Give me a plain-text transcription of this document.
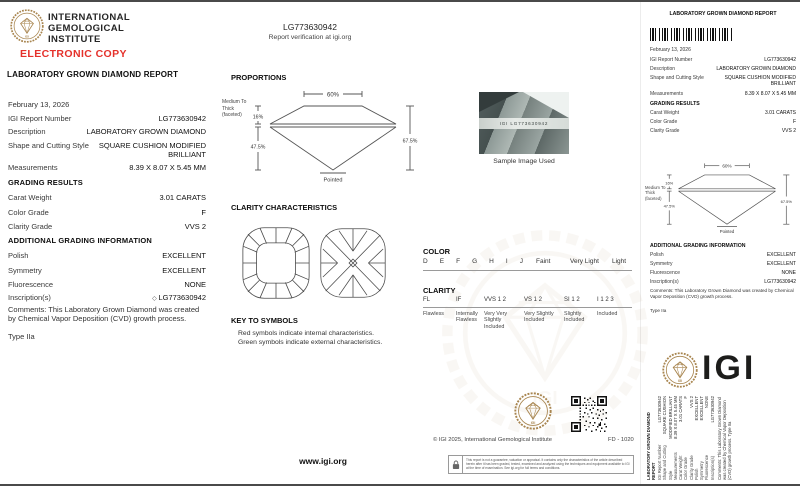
INTERNATIONAL
GEMOLOGICAL
INSTITUTE
ELECTRONIC COPY
LABORATORY GROWN DIAMOND REPORT
February 13, 2026
IGI Report Number	LG773630942
Description	LABORATORY GROWN DIAMOND
Shape and Cutting Style SQUARE CUSHION MODIFIED BRILLIANT
Measurements	8.39 X 8.07 X 5.45 MM
GRADING RESULTS
Carat Weight	3.01 CARATS
Color Grade	F
Clarity Grade	VVS 2
ADDITIONAL GRADING INFORMATION
Polish	EXCELLENT
Symmetry	EXCELLENT
Fluorescence	NONE
Inscription(s)	◇ LG773630942
Comments: This Laboratory Grown Diamond was created by Chemical Vapor Deposition (CVD) growth process.
Type IIa
LG773630942
Report verification at igi.org
PROPORTIONS
Medium To
Thick
(faceted)
CLARITY CHARACTERISTICS
KEY TO SYMBOLS
Red symbols indicate internal characteristics.
Green symbols indicate external characteristics.
www.igi.org
IGI LG773630942
Sample Image Used
COLOR
D E F G H I J Faint	Very Light Light
CLARITY
FL	IF	VVS 1 2	VS 1 2	SI 1 2	I 1 2 3
Flawless	Internally Flawless
Very Very Slightly Included
Very Slightly Included
Slightly Included
Included
© IGI 2025, International Gemological Institute	FD - 1020
This report is not a guarantee, valuation or appraisal. It contains only the characteristics of the article described herein after it has been graded, tested, examined and analyzed using the techniques and equipment available to IGI at the time of examination. See igi.org for full terms and conditions.
LABORATORY GROWN DIAMOND REPORT
February 13, 2026
IGI Report Number	LG773630942
Description	LABORATORY GROWN DIAMOND
Shape and Cutting Style	SQUARE CUSHION MODIFIED BRILLIANT
Measurements	8.39 X 8.07 X 5.45 MM
GRADING RESULTS
Carat Weight	3.01 CARATS
Color Grade	F
Clarity Grade	VVS 2
Medium To
Thick
(faceted)
ADDITIONAL GRADING INFORMATION
Polish	EXCELLENT
Symmetry	EXCELLENT
Fluorescence	NONE
Inscription(s)	LG773630942
Comments: This Laboratory Grown Diamond was created by Chemical Vapor Deposition (CVD) growth process.
Type IIa
IGI
LABORATORY GROWN DIAMOND REPORT IGI Report Number
LG773630942
Shape and Cutting Style
SQUARE CUSHION MODIFIED BRILLIANT
Measurements
8.39 X 8.07 X 5.45 MM
Carat Weight
3.01 CARATS
Color Grade
F
Clarity Grade
VVS 2
Polish
EXCELLENT
Symmetry
EXCELLENT
Fluorescence
NONE
Inscription(s)
LG773630942 Comments: This Laboratory Grown Diamond was created by Chemical Vapor Deposition (CVD) growth process. Type IIa
